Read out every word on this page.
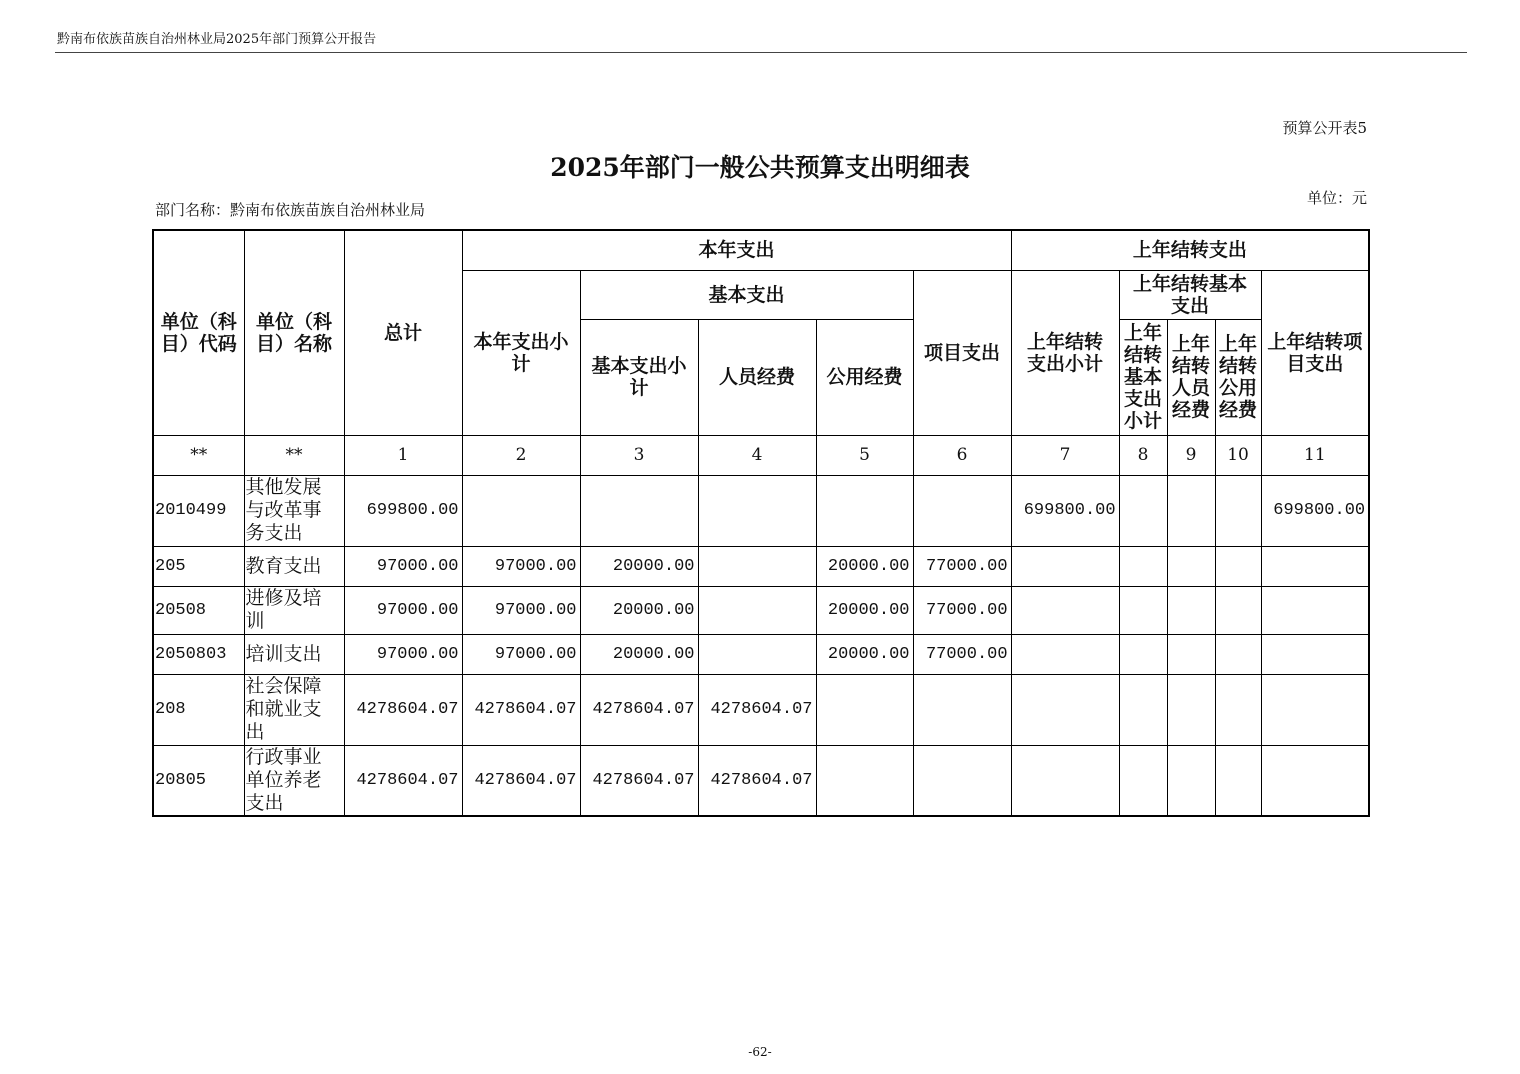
黔南布依族苗族自治州林业局2025年部门预算公开报告
预算公开表5
2025年部门一般公共预算支出明细表
单位：元
部门名称：黔南布依族苗族自治州林业局
单位（科目）代码	单位（科目）名称	总计	本年支出					上年结转支出				

			本年支出小计	基本支出			项目支出	上年结转支出小计	上年结转基本支出			上年结转项目支出

				基本支出小计	人员经费	公用经费			上年结转基本支出小计	上年结转人员经费	上年结转公用经费	

**	**	1	2	3	4	5	6	7	8	9	10	11
2010499	其他发展与改革事务支出	699800.00						699800.00				699800.00
205	教育支出	97000.00	97000.00	20000.00		20000.00	77000.00					
20508	进修及培训	97000.00	97000.00	20000.00		20000.00	77000.00					
2050803	培训支出	97000.00	97000.00	20000.00		20000.00	77000.00					
208	社会保障和就业支出	4278604.07	4278604.07	4278604.07	4278604.07							
20805	行政事业单位养老支出	4278604.07	4278604.07	4278604.07	4278604.07							
-62-
